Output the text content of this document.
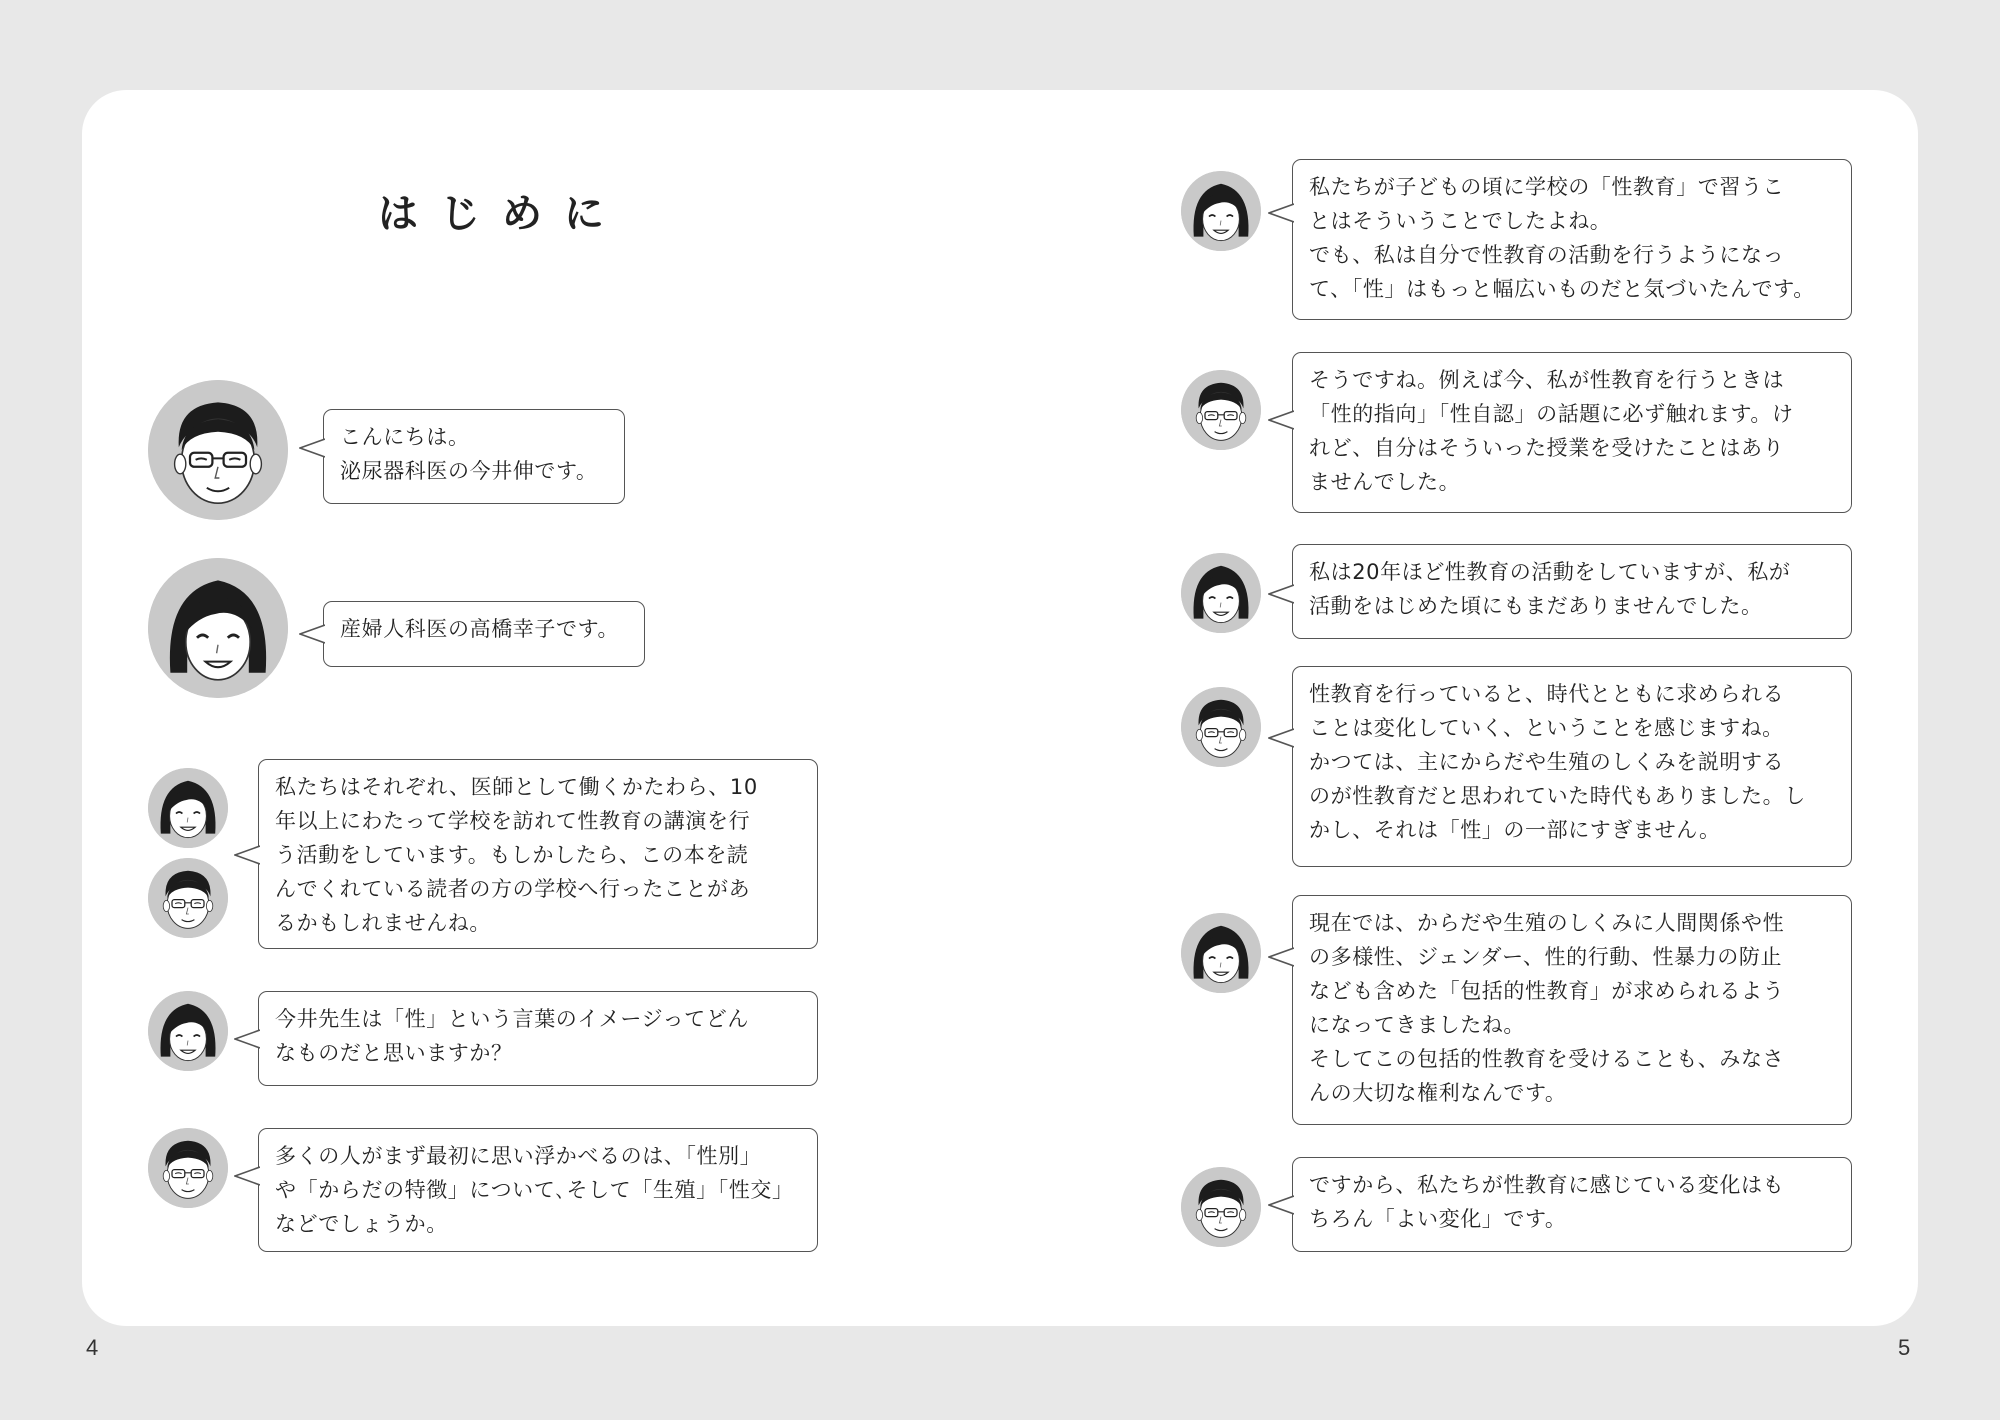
はじめに
4	5
こんにちは。
泌尿器科医の今井伸です。
産婦人科医の高橋幸子です。
私たちはそれぞれ、医師として働くかたわら、10
年以上にわたって学校を訪れて性教育の講演を行
う活動をしています。もしかしたら、この本を読
んでくれている読者の方の学校へ行ったことがあ
るかもしれませんね。
今井先生は「性」という言葉のイメージってどん
なものだと思いますか？
多くの人がまず最初に思い浮かべるのは、「性別」
や「からだの特徴」について､そして「生殖」「性交」
などでしょうか。
私たちが子どもの頃に学校の「性教育」で習うこ
とはそういうことでしたよね。
でも、私は自分で性教育の活動を行うようになっ
て、「性」はもっと幅広いものだと気づいたんです。
そうですね。例えば今、私が性教育を行うときは
「性的指向」「性自認」の話題に必ず触れます。け
れど、自分はそういった授業を受けたことはあり
ませんでした。
私は20年ほど性教育の活動をしていますが、私が
活動をはじめた頃にもまだありませんでした。
性教育を行っていると、時代とともに求められる
ことは変化していく、ということを感じますね。
かつては、主にからだや生殖のしくみを説明する
のが性教育だと思われていた時代もありました。し
かし、それは「性」の一部にすぎません。
現在では、からだや生殖のしくみに人間関係や性
の多様性、ジェンダー、性的行動、性暴力の防止
なども含めた「包括的性教育」が求められるよう
になってきましたね。
そしてこの包括的性教育を受けることも、みなさ
んの大切な権利なんです。
ですから、私たちが性教育に感じている変化はも
ちろん「よい変化」です。
